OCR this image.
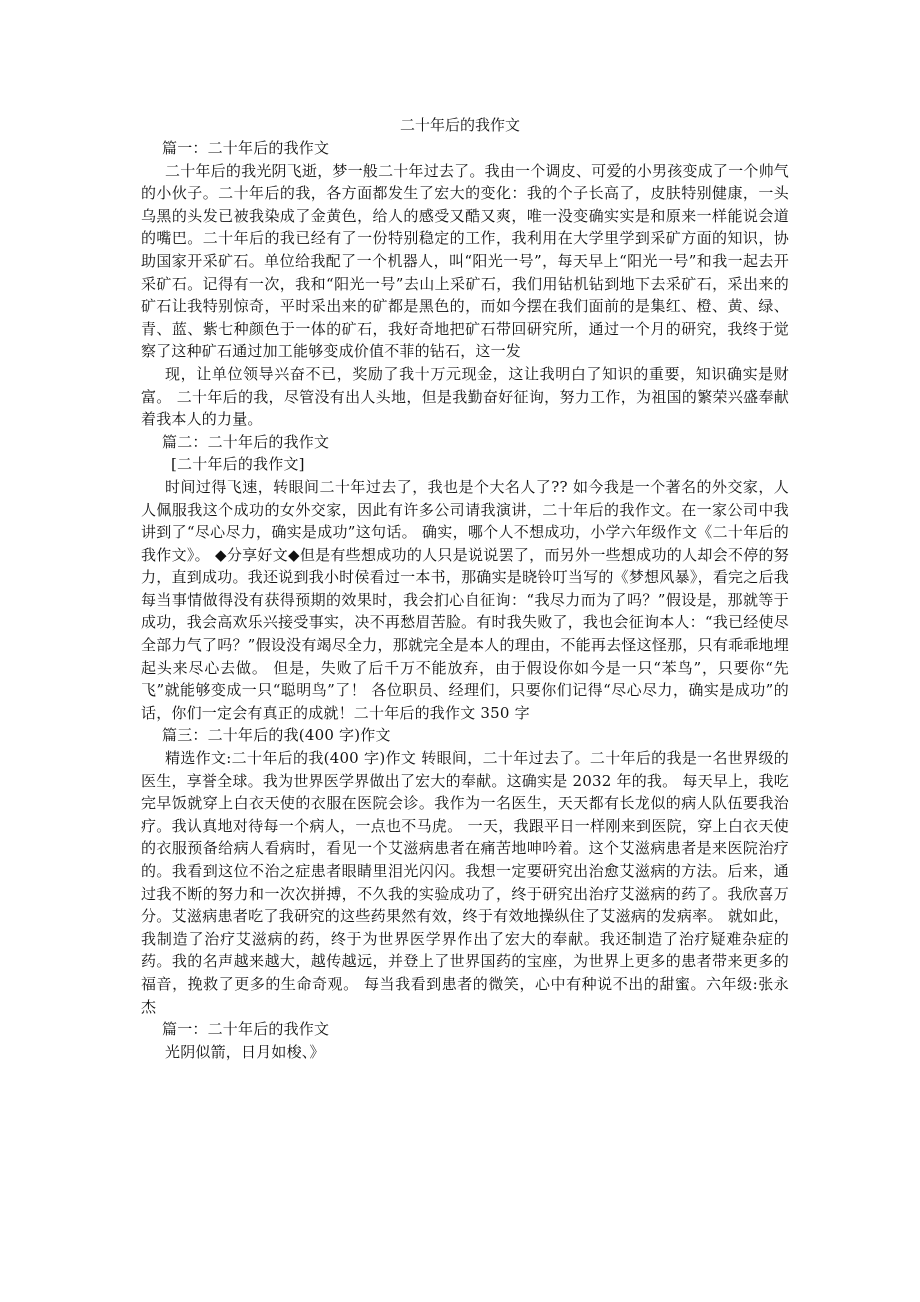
二十年后的我作文

篇一：二十年后的我作文

二十年后的我光阴飞逝，梦一般二十年过去了。我由一个调皮、可爱的小男孩变成了一个帅气的小伙子。二十年后的我，各方面都发生了宏大的变化：我的个子长高了，皮肤特别健康，一头乌黑的头发已被我染成了金黄色，给人的感受又酷又爽，唯一没变确实实是和原来一样能说会道的嘴巴。二十年后的我已经有了一份特别稳定的工作，我利用在大学里学到采矿方面的知识，协助国家开采矿石。单位给我配了一个机器人，叫“阳光一号”，每天早上“阳光一号”和我一起去开采矿石。记得有一次，我和“阳光一号”去山上采矿石，我们用钻机钻到地下去采矿石，采出来的矿石让我特别惊奇，平时采出来的矿都是黑色的，而如今摆在我们面前的是集红、橙、黄、绿、青、蓝、紫七种颜色于一体的矿石，我好奇地把矿石带回研究所，通过一个月的研究，我终于觉察了这种矿石通过加工能够变成价值不菲的钻石，这一发

现，让单位领导兴奋不已，奖励了我十万元现金，这让我明白了知识的重要，知识确实是财富。 二十年后的我，尽管没有出人头地，但是我勤奋好征询，努力工作，为祖国的繁荣兴盛奉献着我本人的力量。

篇二：二十年后的我作文

[二十年后的我作文]

时间过得飞速，转眼间二十年过去了，我也是个大名人了?? 如今我是一个著名的外交家，人人佩服我这个成功的女外交家，因此有许多公司请我演讲，二十年后的我作文。在一家公司中我讲到了“尽心尽力，确实是成功”这句话。 确实，哪个人不想成功，小学六年级作文《二十年后的我作文》。 ◆分享好文◆但是有些想成功的人只是说说罢了，而另外一些想成功的人却会不停的努力，直到成功。我还说到我小时侯看过一本书，那确实是晓铃叮当写的《梦想风暴》，看完之后我每当事情做得没有获得预期的效果时，我会扪心自征询：“我尽力而为了吗？”假设是，那就等于成功，我会高欢乐兴接受事实，决不再愁眉苦脸。有时我失败了，我也会征询本人：“我已经使尽全部力气了吗？”假设没有竭尽全力，那就完全是本人的理由，不能再去怪这怪那，只有乖乖地埋起头来尽心去做。 但是，失败了后千万不能放弃，由于假设你如今是一只“苯鸟”，只要你“先飞”就能够变成一只“聪明鸟”了！ 各位职员、经理们，只要你们记得“尽心尽力，确实是成功”的话，你们一定会有真正的成就！二十年后的我作文 350 字

篇三：二十年后的我(400 字)作文

精选作文:二十年后的我(400 字)作文 转眼间，二十年过去了。二十年后的我是一名世界级的医生，享誉全球。我为世界医学界做出了宏大的奉献。这确实是 2032 年的我。 每天早上，我吃完早饭就穿上白衣天使的衣服在医院会诊。我作为一名医生，天天都有长龙似的病人队伍要我治疗。我认真地对待每一个病人，一点也不马虎。 一天，我跟平日一样刚来到医院，穿上白衣天使的衣服预备给病人看病时，看见一个艾滋病患者在痛苦地呻吟着。这个艾滋病患者是来医院治疗的。我看到这位不治之症患者眼睛里泪光闪闪。我想一定要研究出治愈艾滋病的方法。后来，通过我不断的努力和一次次拼搏，不久我的实验成功了，终于研究出治疗艾滋病的药了。我欣喜万分。艾滋病患者吃了我研究的这些药果然有效，终于有效地操纵住了艾滋病的发病率。 就如此，我制造了治疗艾滋病的药，终于为世界医学界作出了宏大的奉献。我还制造了治疗疑难杂症的药。我的名声越来越大，越传越远，并登上了世界国药的宝座，为世界上更多的患者带来更多的福音，挽救了更多的生命奇观。 每当我看到患者的微笑，心中有种说不出的甜蜜。六年级:张永杰

篇一：二十年后的我作文

光阴似箭，日月如梭、》
